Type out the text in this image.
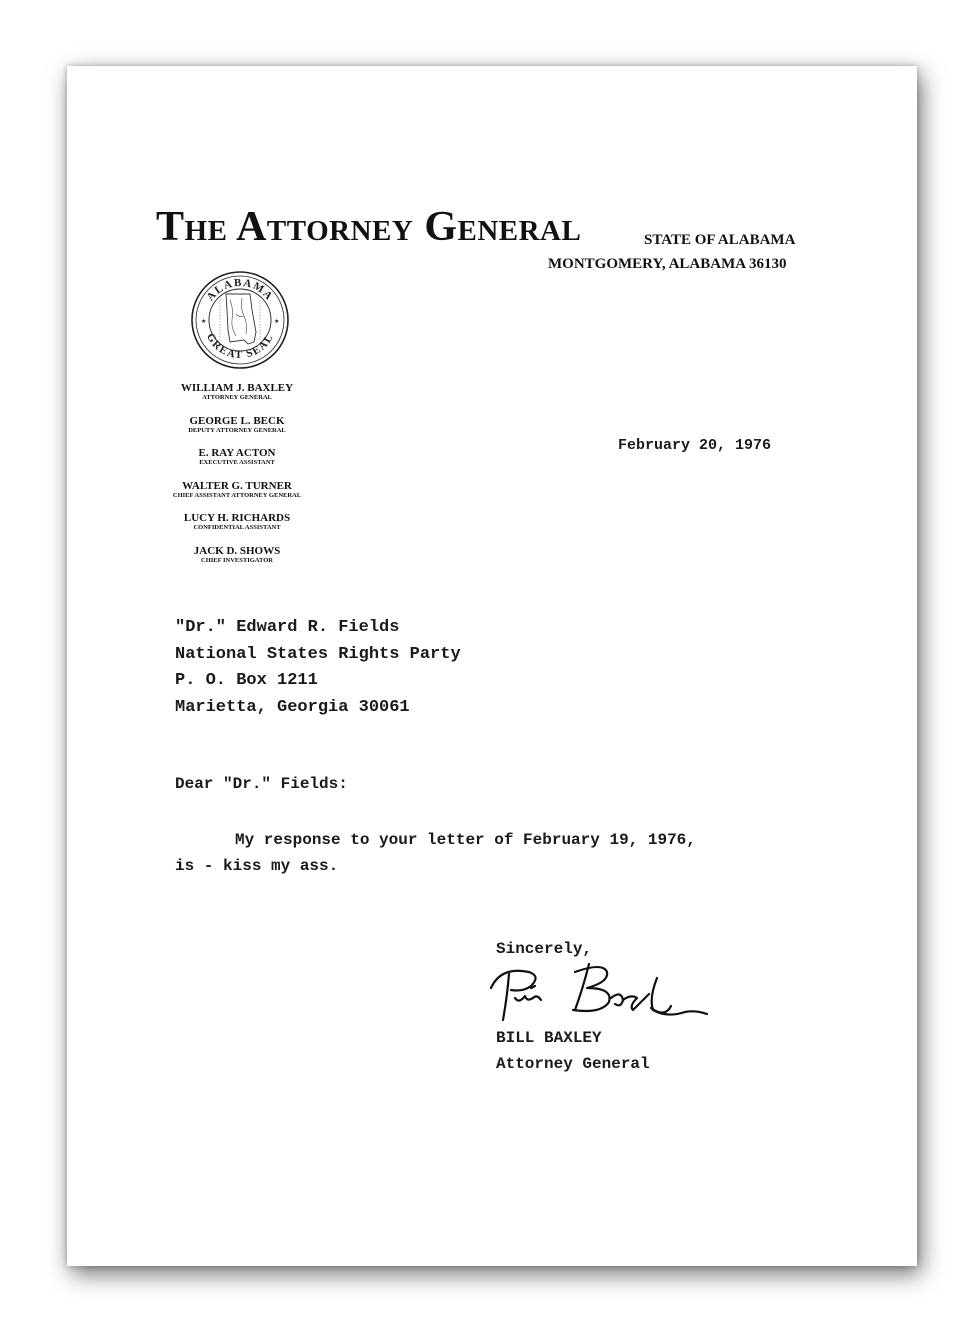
The Attorney General	STATE OF ALABAMA
MONTGOMERY, ALABAMA 36130
ALABAMA
GREAT SEAL
★	★
WILLIAM J. BAXLEY
ATTORNEY GENERAL
GEORGE L. BECK
DEPUTY ATTORNEY GENERAL
E. RAY ACTON
EXECUTIVE ASSISTANT
WALTER G. TURNER
CHIEF ASSISTANT ATTORNEY GENERAL
LUCY H. RICHARDS
CONFIDENTIAL ASSISTANT
JACK D. SHOWS
CHIEF INVESTIGATOR
February 20, 1976
"Dr." Edward R. Fields
National States Rights Party
P. O. Box 1211
Marietta, Georgia 30061
Dear "Dr." Fields:
My response to your letter of February 19, 1976,
is - kiss my ass.
Sincerely,
BILL BAXLEY
Attorney General
